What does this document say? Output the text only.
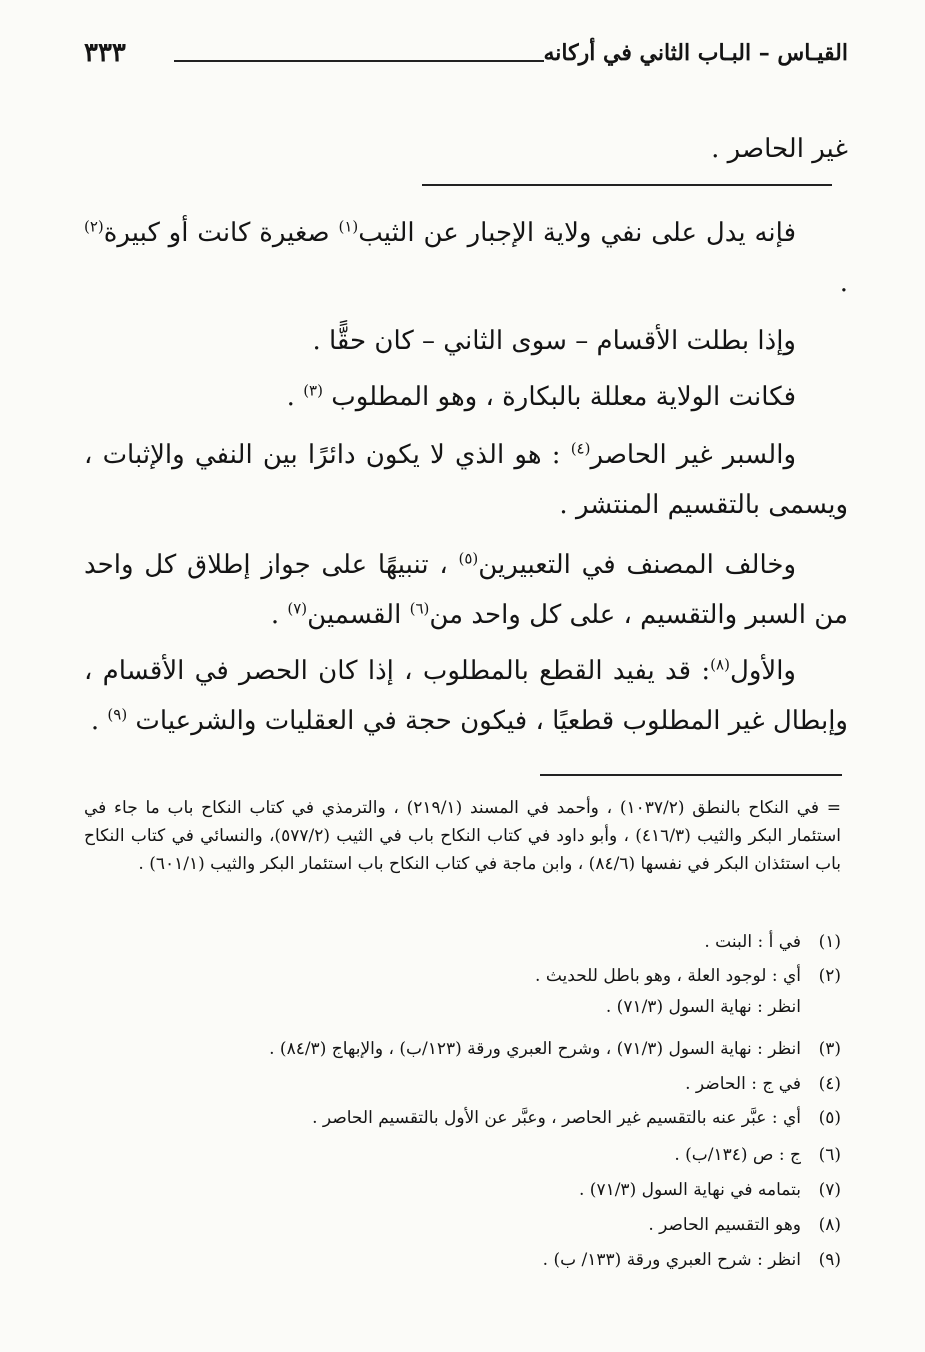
٣٣٣	القيـاس – البـاب الثاني في أركانه
غير الحاصر .
  فإنه يدل على نفي ولاية الإجبار عن الثيب$^{(١)}$ صغيرة كانت أو كبيرة$^{(٢)}$ .
  وإذا بطلت الأقسام – سوى الثاني – كان حقًّا .
  فكانت الولاية معللة بالبكارة ، وهو المطلوب $^{(٣)}$ .
  والسبر غير الحاصر$^{(٤)}$ : هو الذي لا يكون دائرًا بين النفي والإثبات ، ويسمى بالتقسيم المنتشر .
  وخالف المصنف في التعبيرين$^{(٥)}$ ، تنبيهًا على جواز إطلاق كل واحد من السبر والتقسيم ، على كل واحد من$^{(٦)}$ القسمين$^{(٧)}$ .
  والأول$^{(٨)}$: قد يفيد القطع بالمطلوب ، إذا كان الحصر في الأقسام ، وإبطال غير المطلوب قطعيًا ، فيكون حجة في العقليات والشرعيات $^{(٩)}$ .
= في النكاح بالنطق (١٠٣٧/٢) ، وأحمد في المسند (٢١٩/١) ، والترمذي في كتاب النكاح باب ما جاء في استئمار البكر والثيب (٤١٦/٣) ، وأبو داود في كتاب النكاح باب في الثيب (٥٧٧/٢)، والنسائي في كتاب النكاح باب استئذان البكر في نفسها (٨٤/٦) ، وابن ماجة في كتاب النكاح باب استئمار البكر والثيب (٦٠١/١) .
(١)في أ : البنت .
(٢)أي : لوجود العلة ، وهو باطل للحديث .
انظر : نهاية السول (٧١/٣) .
(٣)انظر : نهاية السول (٧١/٣) ، وشرح العبري ورقة (١٢٣/ب) ، والإبهاج (٨٤/٣) .
(٤)في ج : الحاضر .
(٥)أي : عبَّر عنه بالتقسيم غير الحاصر ، وعبَّر عن الأول بالتقسيم الحاصر .
(٦)ج : ص (١٣٤/ب) .
(٧)بتمامه في نهاية السول (٧١/٣) .
(٨)وهو التقسيم الحاصر .
(٩)انظر : شرح العبري ورقة (١٣٣/ ب) .
